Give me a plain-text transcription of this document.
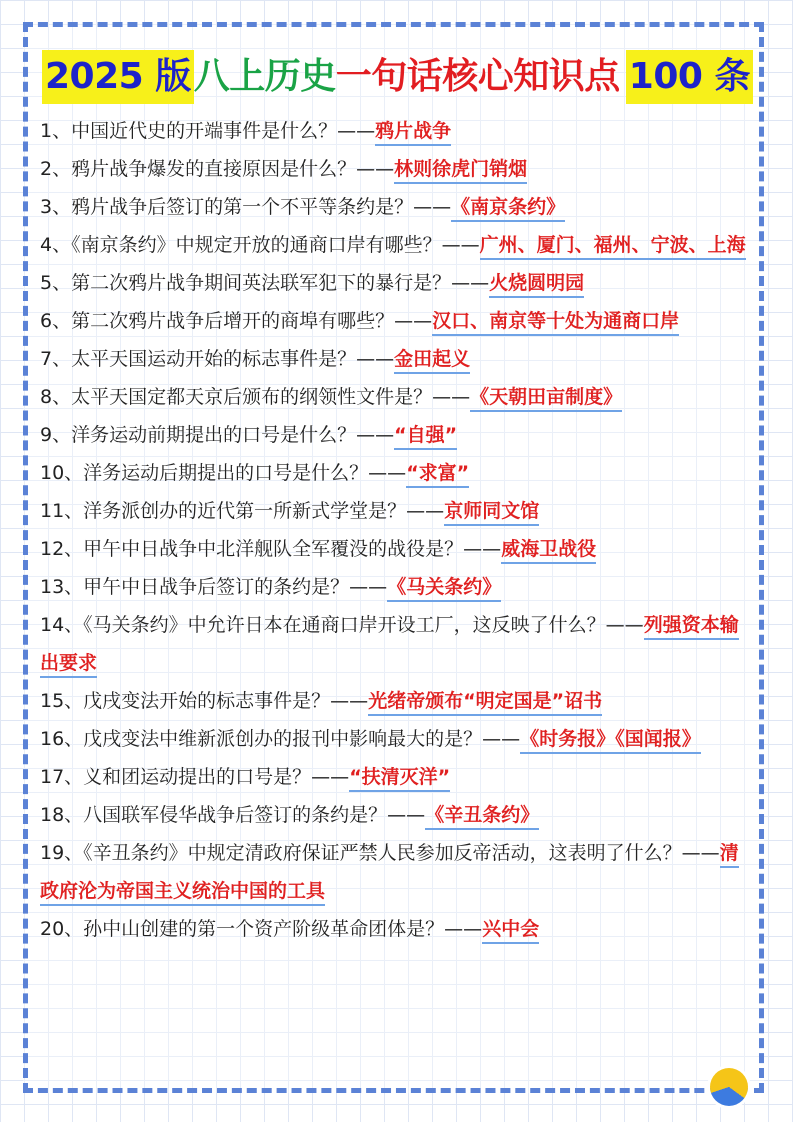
2025 版 八上历史 一句话核心知识点 100 条

1、中国近代史的开端事件是什么？——鸦片战争

2、鸦片战争爆发的直接原因是什么？——林则徐虎门销烟

3、鸦片战争后签订的第一个不平等条约是？——《南京条约》

4、《南京条约》中规定开放的通商口岸有哪些？——广州、厦门、福州、宁波、上海

5、第二次鸦片战争期间英法联军犯下的暴行是？——火烧圆明园

6、第二次鸦片战争后增开的商埠有哪些？——汉口、南京等十处为通商口岸

7、太平天国运动开始的标志事件是？——金田起义

8、太平天国定都天京后颁布的纲领性文件是？——《天朝田亩制度》

9、洋务运动前期提出的口号是什么？——“自强”

10、洋务运动后期提出的口号是什么？——“求富”

11、洋务派创办的近代第一所新式学堂是？——京师同文馆

12、甲午中日战争中北洋舰队全军覆没的战役是？——威海卫战役

13、甲午中日战争后签订的条约是？——《马关条约》

14、《马关条约》中允许日本在通商口岸开设工厂，这反映了什么？——列强资本输出要求

15、戊戌变法开始的标志事件是？——光绪帝颁布“明定国是”诏书

16、戊戌变法中维新派创办的报刊中影响最大的是？——《时务报》《国闻报》

17、义和团运动提出的口号是？——“扶清灭洋”

18、八国联军侵华战争后签订的条约是？——《辛丑条约》

19、《辛丑条约》中规定清政府保证严禁人民参加反帝活动，这表明了什么？——清政府沦为帝国主义统治中国的工具

20、孙中山创建的第一个资产阶级革命团体是？——兴中会
